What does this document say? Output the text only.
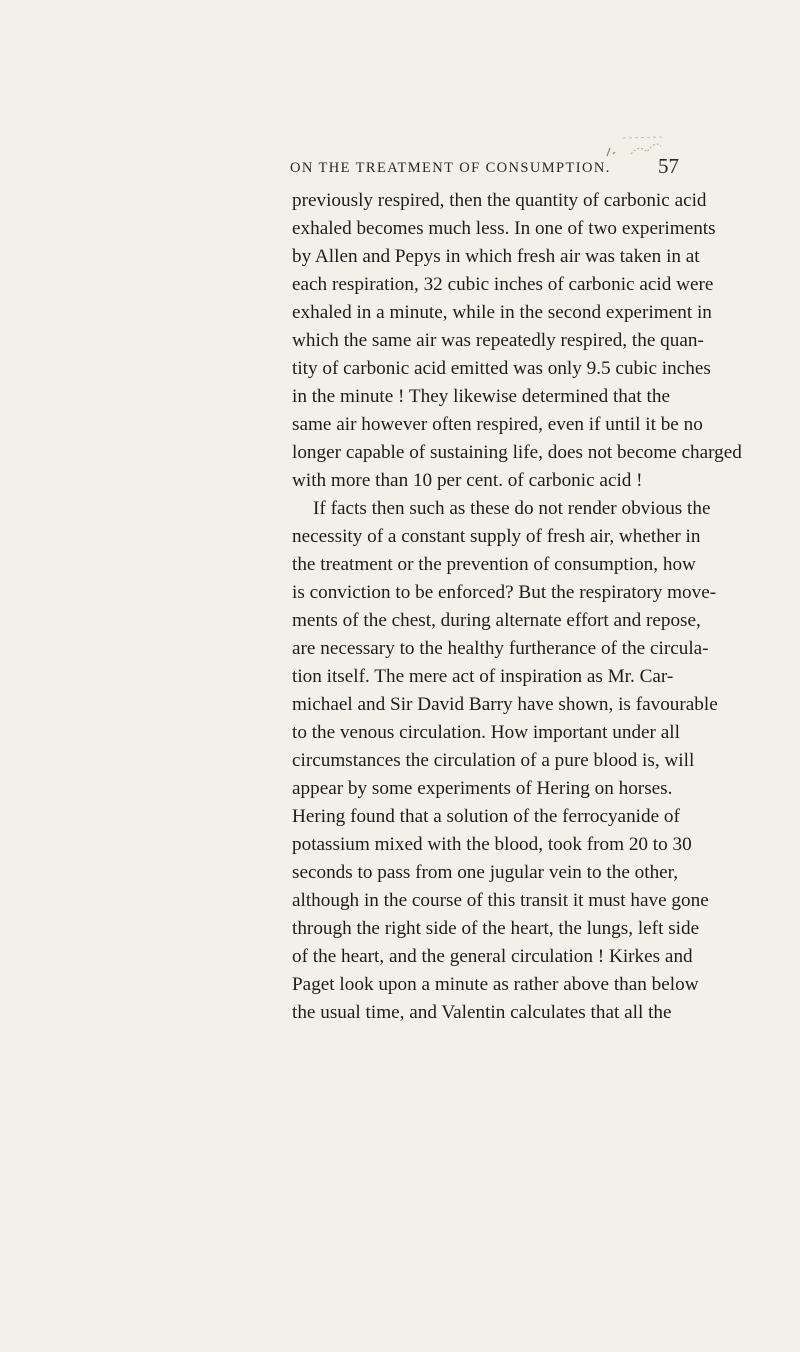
ON THE TREATMENT OF CONSUMPTION. 57
previously respired, then the quantity of carbonic acid
exhaled becomes much less. In one of two experiments
by Allen and Pepys in which fresh air was taken in at
each respiration, 32 cubic inches of carbonic acid were
exhaled in a minute, while in the second experiment in
which the same air was repeatedly respired, the quan-
tity of carbonic acid emitted was only 9.5 cubic inches
in the minute ! They likewise determined that the
same air however often respired, even if until it be no
longer capable of sustaining life, does not become charged
with more than 10 per cent. of carbonic acid !
If facts then such as these do not render obvious the
necessity of a constant supply of fresh air, whether in
the treatment or the prevention of consumption, how
is conviction to be enforced? But the respiratory move-
ments of the chest, during alternate effort and repose,
are necessary to the healthy furtherance of the circula-
tion itself. The mere act of inspiration as Mr. Car-
michael and Sir David Barry have shown, is favourable
to the venous circulation. How important under all
circumstances the circulation of a pure blood is, will
appear by some experiments of Hering on horses.
Hering found that a solution of the ferrocyanide of
potassium mixed with the blood, took from 20 to 30
seconds to pass from one jugular vein to the other,
although in the course of this transit it must have gone
through the right side of the heart, the lungs, left side
of the heart, and the general circulation ! Kirkes and
Paget look upon a minute as rather above than below
the usual time, and Valentin calculates that all the
